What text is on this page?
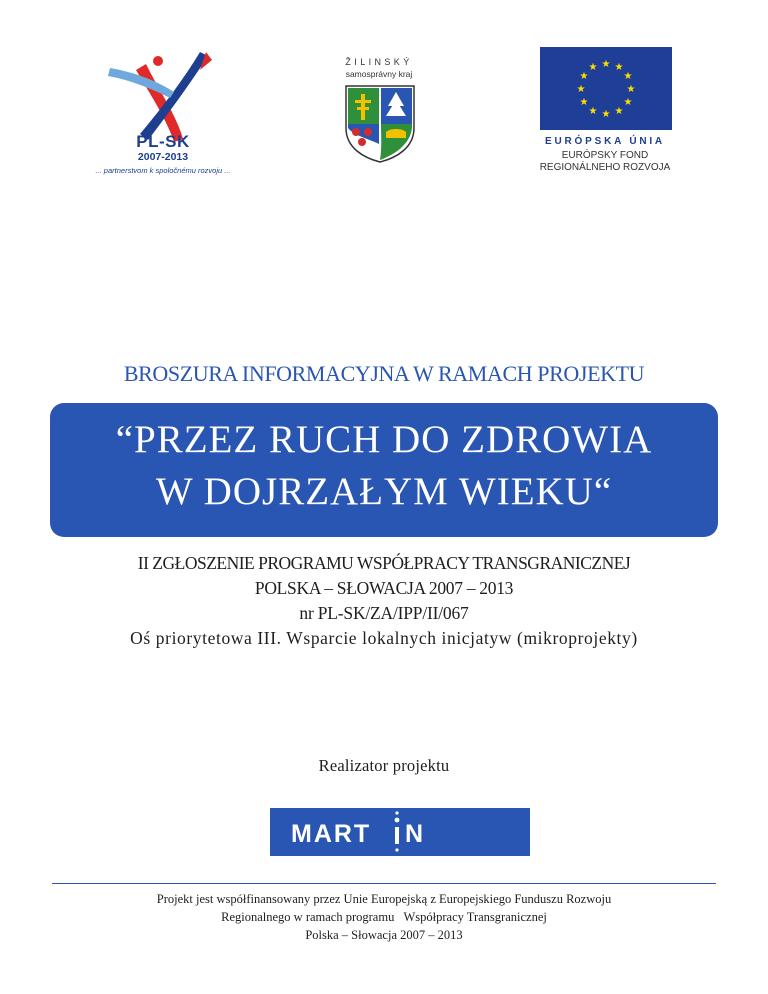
PL-SK
2007-2013
... partnerstvom k spoločnému rozvoju ...
ŽILINSKÝ
samosprávny kraj
★ ★
★
★
★
★
★
★
★
★
★
★
EURÓPSKA ÚNIA
EURÓPSKY FOND
REGIONÁLNEHO ROZVOJA
BROSZURA INFORMACYJNA W RAMACH PROJEKTU
“PRZEZ RUCH DO ZDROWIA
W DOJRZAŁYM WIEKU“
II ZGŁOSZENIE PROGRAMU WSPÓŁPRACY TRANSGRANICZNEJ
POLSKA – SŁOWACJA 2007 – 2013
nr PL-SK/ZA/IPP/II/067
Oś priorytetowa III. Wsparcie lokalnych inicjatyw (mikroprojekty)
Realizator projektu
MART N
Projekt jest współfinansowany przez Unie Europejską z Europejskiego Funduszu Rozwoju
Regionalnego w ramach programu   Współpracy Transgranicznej
Polska – Słowacja 2007 – 2013
